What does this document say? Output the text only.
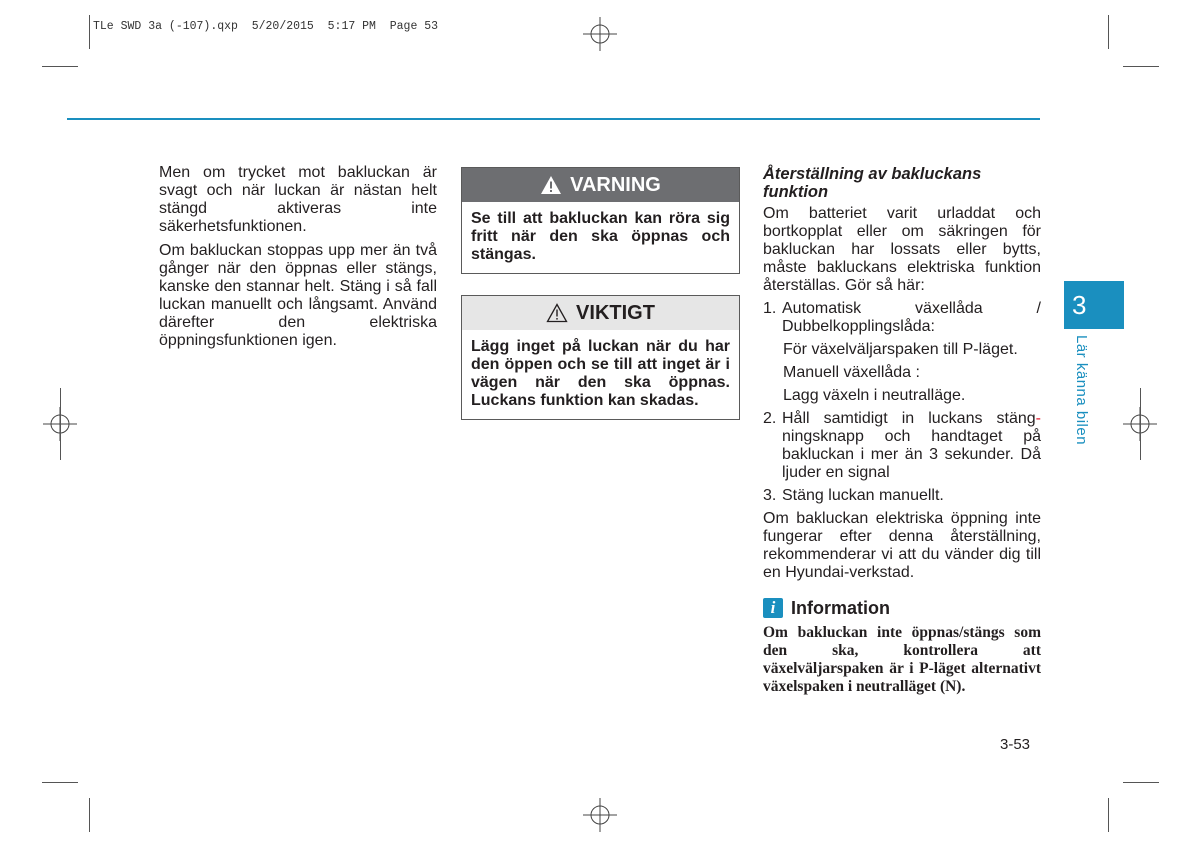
TLe SWD 3a (-107).qxp  5/20/2015  5:17 PM  Page 53

Men om trycket mot bakluckan är svagt och när luckan är nästan helt stängd aktiveras inte säkerhetsfunktionen.

Om bakluckan stoppas upp mer än två gånger när den öppnas eller stängs, kanske den stannar helt. Stäng i så fall luckan manuellt och långsamt. Använd därefter den elektriska öppningsfunktionen igen.

VARNING
Se till att bakluckan kan röra sig fritt när den ska öppnas och stängas.
VIKTIGT
Lägg inget på luckan när du har den öppen och se till att inget är i vägen när den ska öppnas. Luckans funktion kan skadas.
Återställning av bakluckans funktion

Om batteriet varit urladdat och bortkopplat eller om säkringen för bakluckan har lossats eller bytts, måste bakluckans elektriska funktion återställas. Gör så här:

1. Automatisk växellåda / Dubbelkopplingslåda:
För växelväljarspaken till P-läget.
Manuell växellåda :
Lagg växeln i neutralläge.
2. Håll samtidigt in luckans stäng- ningsknapp och handtaget på bakluckan i mer än 3 sekunder. Då ljuder en signal
3. Stäng luckan manuellt.

Om bakluckan elektriska öppning inte fungerar efter denna återställning, rekommenderar vi att du vänder dig till en Hyundai-verkstad.

i Information
Om bakluckan inte öppnas/stängs som den ska, kontrollera att växelväljarspaken är i P-läget alternativt växelspaken i neutralläget (N).
3
Lär känna bilen
3-53
